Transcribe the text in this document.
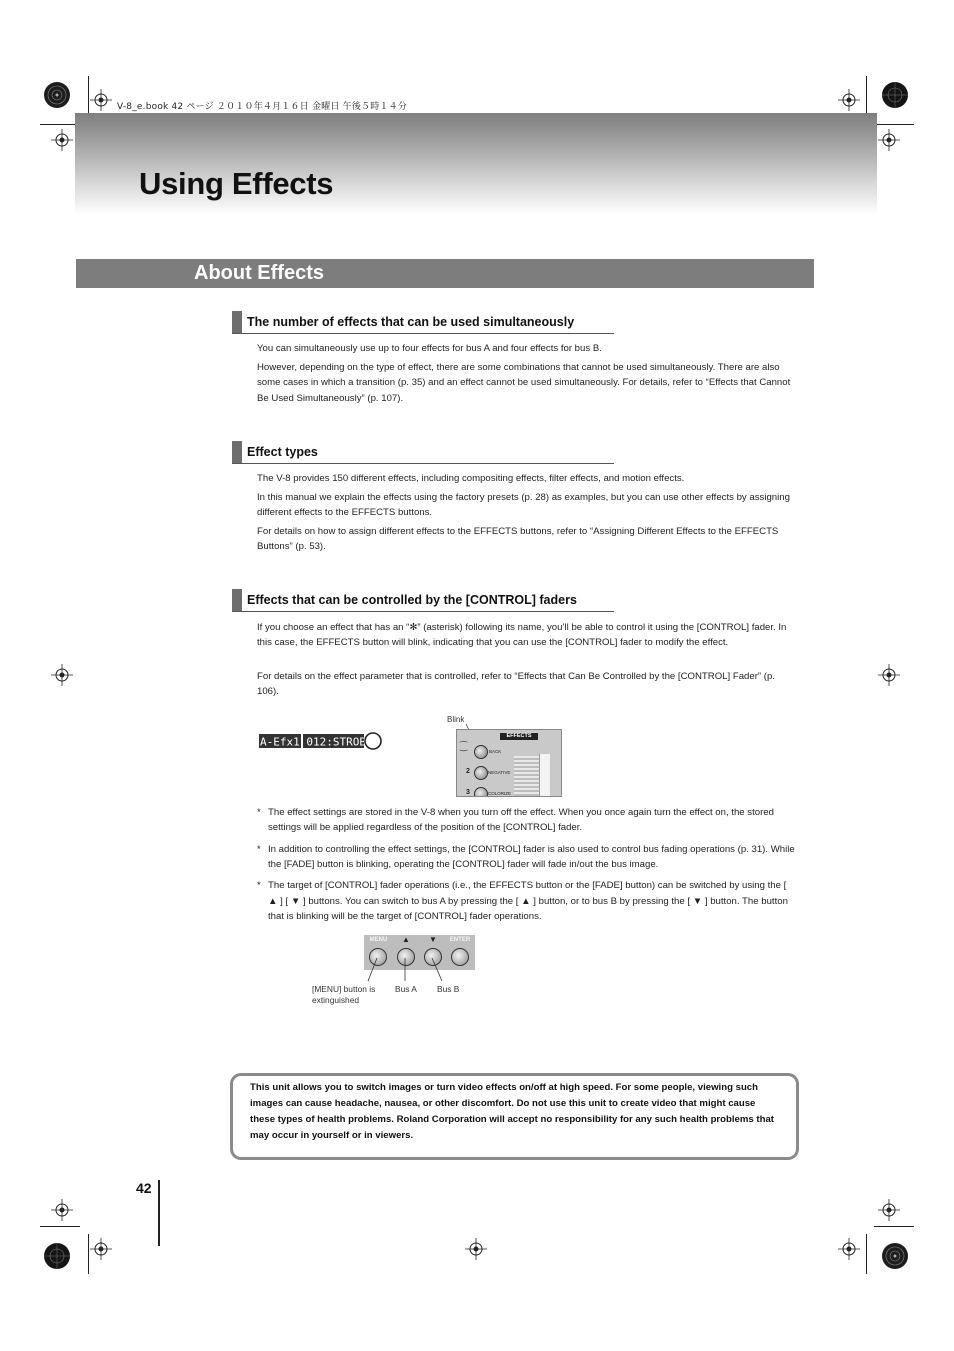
V-8_e.book 42 ページ ２０１０年４月１６日 金曜日 午後５時１４分
Using Effects
About Effects
The number of effects that can be used simultaneously

You can simultaneously use up to four effects for bus A and four effects for bus B.

However, depending on the type of effect, there are some combinations that cannot be used simultaneously. There are also some cases in which a transition (p. 35) and an effect cannot be used simultaneously. For details, refer to “Effects that Cannot Be Used Simultaneously” (p. 107).

Effect types

The V-8 provides 150 different effects, including compositing effects, filter effects, and motion effects.

In this manual we explain the effects using the factory presets (p. 28) as examples, but you can use other effects by assigning different effects to the EFFECTS buttons.

For details on how to assign different effects to the EFFECTS buttons, refer to “Assigning Different Effects to the EFFECTS Buttons” (p. 53).

Effects that can be controlled by the [CONTROL] faders

If you choose an effect that has an “✻” (asterisk) following its name, you’ll be able to control it using the [CONTROL] fader. In this case, the EFFECTS button will blink, indicating that you can use the [CONTROL] fader to modify the effect.

For details on the effect parameter that is controlled, refer to “Effects that Can Be Controlled by the [CONTROL] Fader” (p. 106).

A-Efx1 012:STROBE✻
Blink
EFFECTS
⁐
BACK
2	NEGATIVE
3	COLORIZE
* The effect settings are stored in the V-8 when you turn off the effect. When you once again turn the effect on, the stored settings will be applied regardless of the position of the [CONTROL] fader.
* In addition to controlling the effect settings, the [CONTROL] fader is also used to control bus fading operations (p. 31). While the [FADE] button is blinking, operating the [CONTROL] fader will fade in/out the bus image.
* The target of [CONTROL] fader operations (i.e., the EFFECTS button or the [FADE] button) can be switched by using the [ ▲ ] [ ▼ ] buttons. You can switch to bus A by pressing the [ ▲ ] button, or to bus B by pressing the [ ▼ ] button. The button that is blinking will be the target of [CONTROL] fader operations.
MENU	▲	▼	ENTER
[MENU] button is extinguished
Bus A Bus B
This unit allows you to switch images or turn video effects on/off at high speed. For some people, viewing such images can cause headache, nausea, or other discomfort. Do not use this unit to create video that might cause these types of health problems. Roland Corporation will accept no responsibility for any such health problems that may occur in yourself or in viewers.
42
